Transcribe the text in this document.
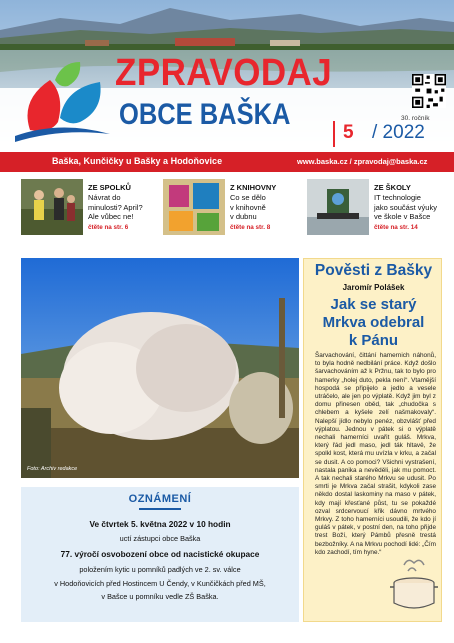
ZPRAVODAJ
OBCE BAŠKA
5 / 2022
30. ročník
Baška, Kunčičky u Bašky a Hodoňovice	www.baska.cz / zpravodaj@baska.cz
ZE SPOLKŮ
Návrat do
minulosti? April?
Ale vůbec ne!
čtěte na str. 6
Z KNIHOVNY
Co se dělo
v knihovně
v dubnu
čtěte na str. 8
ZE ŠKOLY
IT technologie
jako součást výuky
ve škole v Bašce
čtěte na str. 14
Foto: Archiv redakce
Pověsti z Bašky
Jaromír Polášek
Jak se starý
Mrkva odebral
k Pánu
Šarvachování, čittání hamernich náhonů, to byla hodně nedbilání práce. Když došlo šarvachováním až k Pržnu, tak to bylo pro hamerky „holej duto, pekla není“. Vtamější hospodá se připijelo a jedlo a vesele utráčelo, ale jen po výplatě. Když jim byl z domu přinesen oběd, tak „chudočka s chlebem a kyšele zelí našmakovaly“. Nalepší jídlo nebylo penéz, obzvlášť před výplatou. Jednou v pátek si o výplatě nechali hamerníci uvařit guláš. Mrkva, který řád jedl maso, jedl ták hltavě, že spolkl kost, která mu uvízla v krku, a začal se dusit. A co pomoci? Všichni vystrašení, nastala panika a nevěděli, jak mu pomoct. A tak nechali starého Mrkvu se udusit. Po smrti je Mrkva začal strašit, kdykoli zase někdo dostal laskominy na maso v pátek, kdy mají křesťané půst, tu se pokaždé ozval srdcervoucí křik dávno mrtvého Mrkvy. Z toho hamerníci usoudili, že kdo jí guláš v pátek, v postní den, na toho přijde trest Boží, který Pámbů přesně trestá bezbožníky. A na Mrkvu pochodí lidé: „Čím kdo zachodí, tím hyne.“
OZNÁMENÍ
Ve čtvrtek 5. května 2022 v 10 hodin
uctí zástupci obce Baška
77. výročí osvobození obce od nacistické okupace
položením kytic u pomníků padlých ve 2. sv. válce
v Hodoňovicích před Hostincem U Čendy, v Kunčičkách před MŠ,
v Bašce u pomníku vedle ZŠ Baška.
